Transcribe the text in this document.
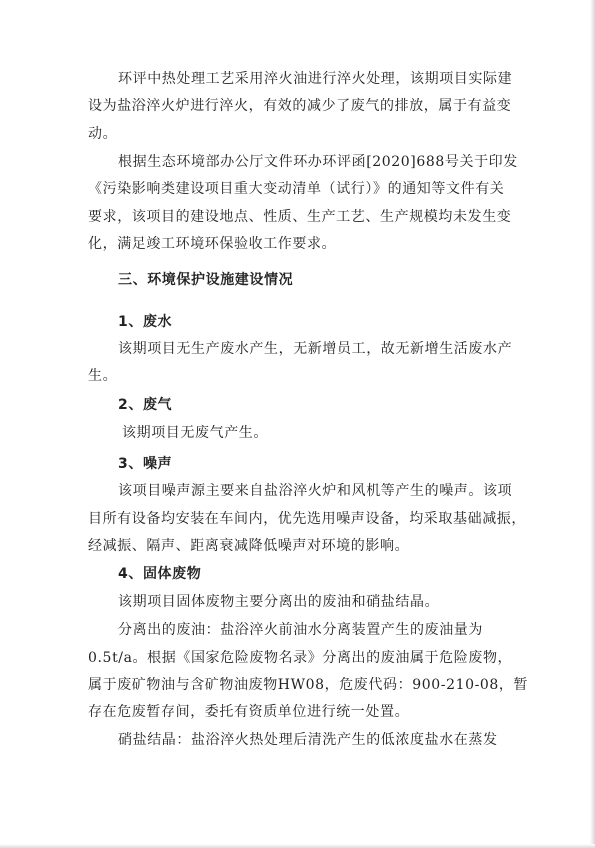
环评中热处理工艺采用淬火油进行淬火处理，该期项目实际建
设为盐浴淬火炉进行淬火，有效的减少了废气的排放，属于有益变
动。
根据生态环境部办公厅文件环办环评函[2020]688号关于印发
《污染影响类建设项目重大变动清单（试行）》的通知等文件有关
要求，该项目的建设地点、性质、生产工艺、生产规模均未发生变
化，满足竣工环境环保验收工作要求。
三、环境保护设施建设情况
1、废水
该期项目无生产废水产生，无新增员工，故无新增生活废水产
生。
2、废气
该期项目无废气产生。
3、噪声
该项目噪声源主要来自盐浴淬火炉和风机等产生的噪声。该项
目所有设备均安装在车间内，优先选用噪声设备，均采取基础减振，
经减振、隔声、距离衰减降低噪声对环境的影响。
4、固体废物
该期项目固体废物主要分离出的废油和硝盐结晶。
分离出的废油：盐浴淬火前油水分离装置产生的废油量为
0.5t/a。根据《国家危险废物名录》分离出的废油属于危险废物，
属于废矿物油与含矿物油废物HW08，危废代码：900-210-08，暂
存在危废暂存间，委托有资质单位进行统一处置。
硝盐结晶：盐浴淬火热处理后清洗产生的低浓度盐水在蒸发
